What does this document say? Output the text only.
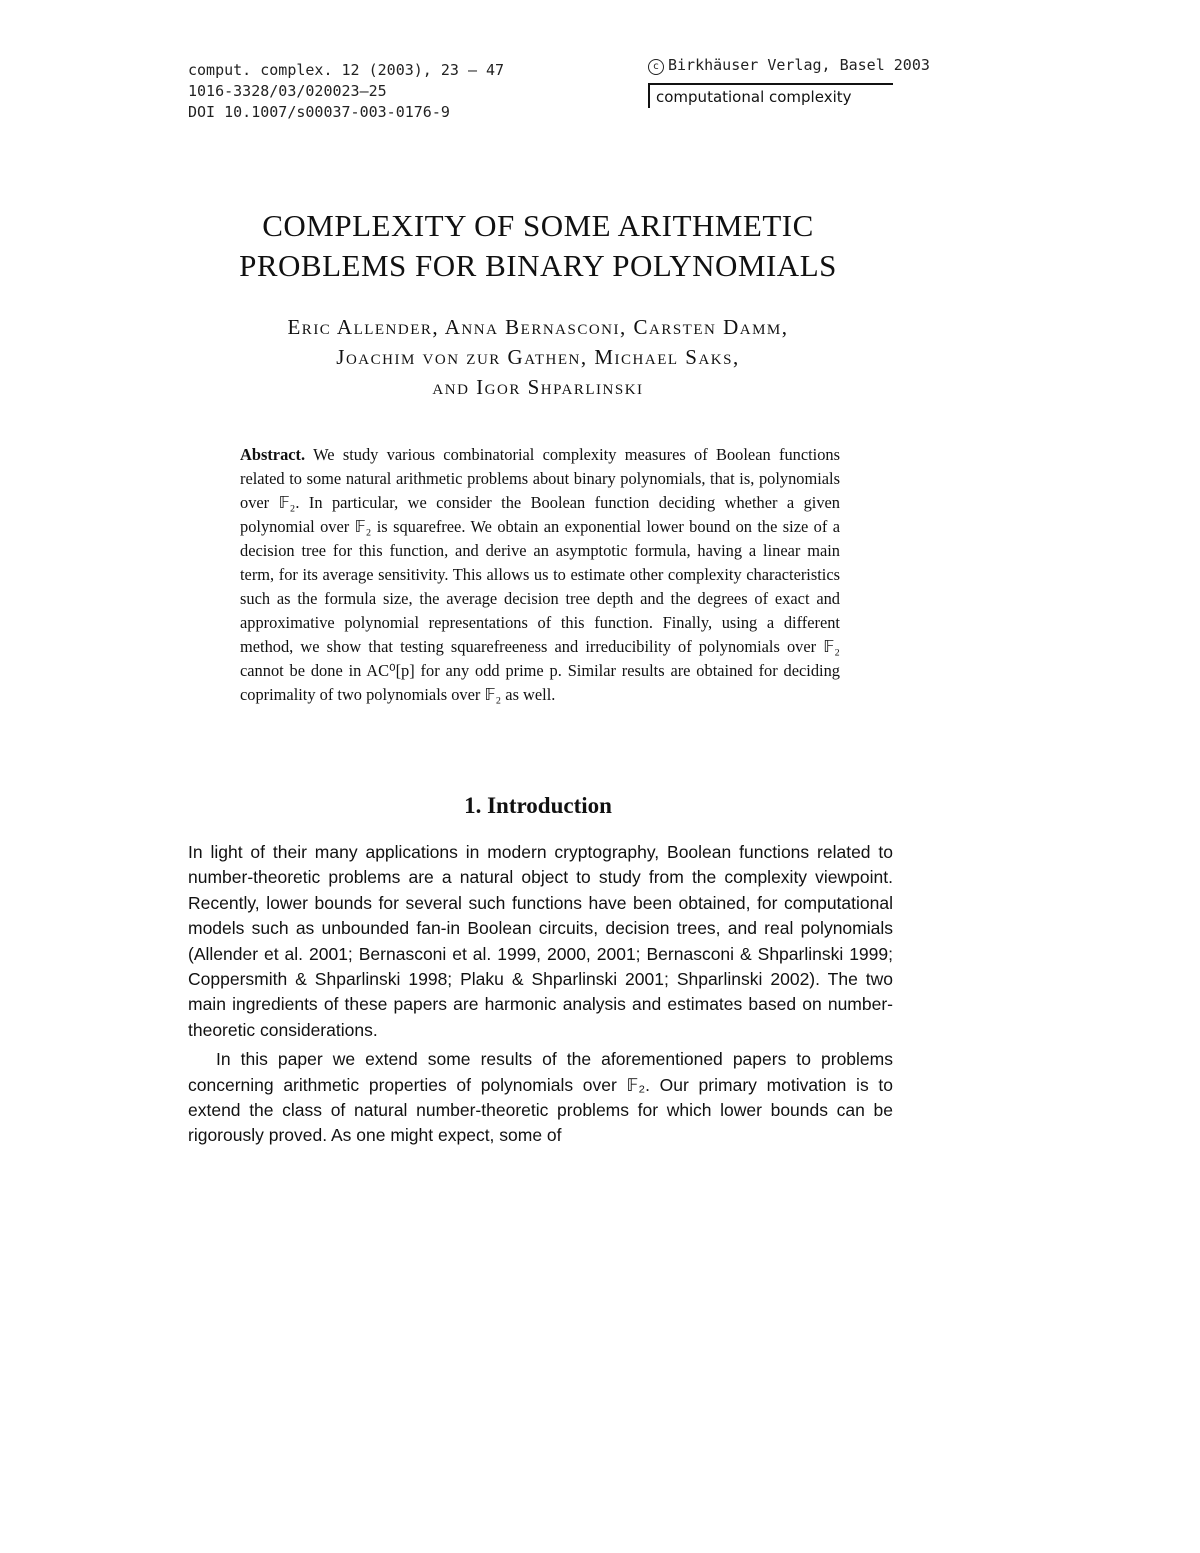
comput. complex. 12 (2003), 23 – 47
1016-3328/03/020023–25
DOI 10.1007/s00037-003-0176-9
c Birkhäuser Verlag, Basel 2003
computational complexity
COMPLEXITY OF SOME ARITHMETIC
PROBLEMS FOR BINARY POLYNOMIALS
Eric Allender, Anna Bernasconi, Carsten Damm,
Joachim von zur Gathen, Michael Saks,
and Igor Shparlinski
Abstract. We study various combinatorial complexity measures of Boolean functions related to some natural arithmetic problems about binary polynomials, that is, polynomials over 𝔽₂. In particular, we consider the Boolean function deciding whether a given polynomial over 𝔽₂ is squarefree. We obtain an exponential lower bound on the size of a decision tree for this function, and derive an asymptotic formula, having a linear main term, for its average sensitivity. This allows us to estimate other complexity characteristics such as the formula size, the average decision tree depth and the degrees of exact and approximative polynomial representations of this function. Finally, using a different method, we show that testing squarefreeness and irreducibility of polynomials over 𝔽₂ cannot be done in AC⁰[p] for any odd prime p. Similar results are obtained for deciding coprimality of two polynomials over 𝔽₂ as well.
1. Introduction

In light of their many applications in modern cryptography, Boolean functions related to number-theoretic problems are a natural object to study from the complexity viewpoint. Recently, lower bounds for several such functions have been obtained, for computational models such as unbounded fan-in Boolean circuits, decision trees, and real polynomials (Allender et al. 2001; Bernasconi et al. 1999, 2000, 2001; Bernasconi & Shparlinski 1999; Coppersmith & Shparlinski 1998; Plaku & Shparlinski 2001; Shparlinski 2002). The two main ingredients of these papers are harmonic analysis and estimates based on number-theoretic considerations.

In this paper we extend some results of the aforementioned papers to problems concerning arithmetic properties of polynomials over 𝔽₂. Our primary motivation is to extend the class of natural number-theoretic problems for which lower bounds can be rigorously proved. As one might expect, some of
